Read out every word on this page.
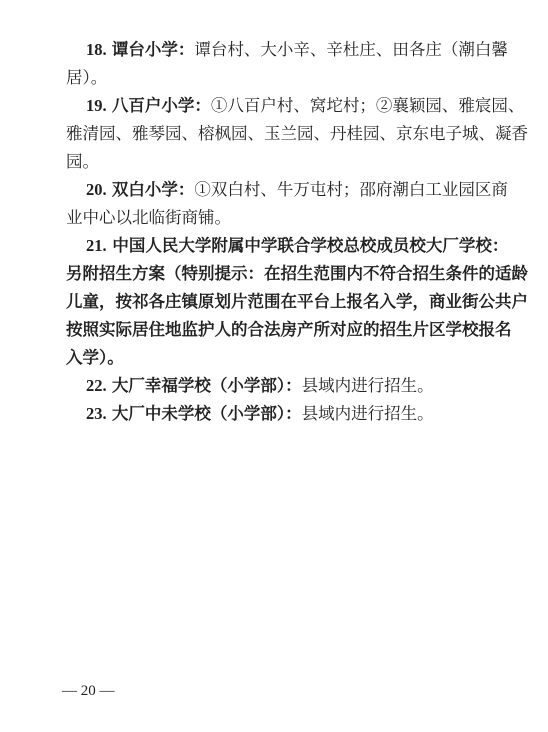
18. 谭台小学：谭台村、大小辛、辛杜庄、田各庄（潮白馨
居）。
19. 八百户小学：①八百户村、窝坨村；②襄颖园、雅宸园、
雅清园、雅琴园、榕枫园、玉兰园、丹桂园、京东电子城、凝香
园。
20. 双白小学：①双白村、牛万屯村；邵府潮白工业园区商
业中心以北临街商铺。
21. 中国人民大学附属中学联合学校总校成员校大厂学校：
另附招生方案（特别提示：在招生范围内不符合招生条件的适龄
儿童，按祁各庄镇原划片范围在平台上报名入学，商业街公共户
按照实际居住地监护人的合法房产所对应的招生片区学校报名
入学）。
22. 大厂幸福学校（小学部）：县域内进行招生。
23. 大厂中未学校（小学部）：县域内进行招生。
— 20 —
